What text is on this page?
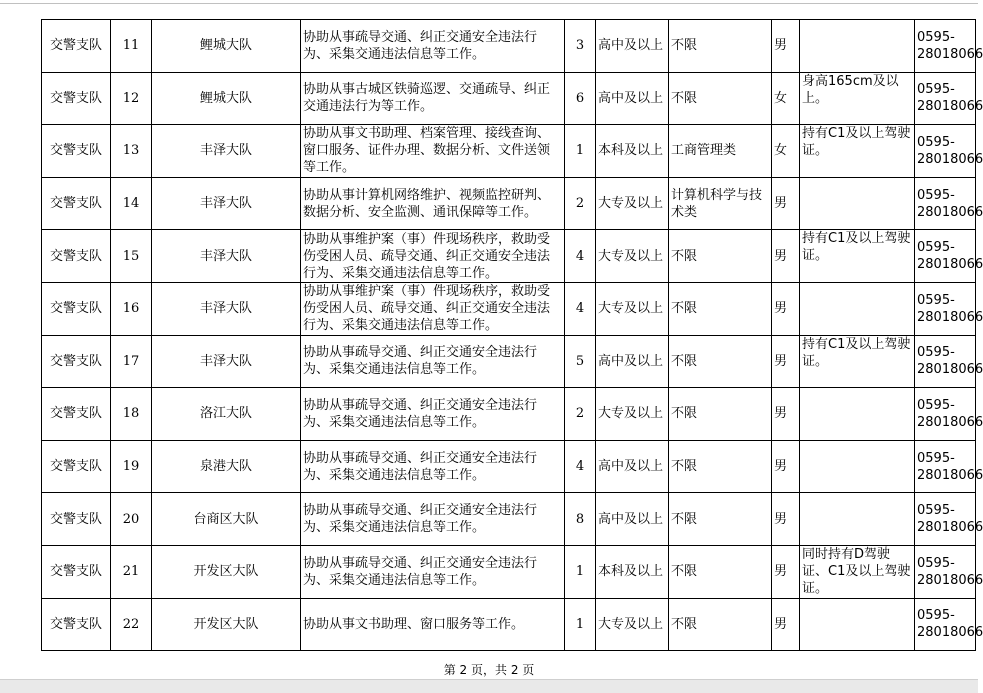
交警支队	11	鲤城大队	协助从事疏导交通、纠正交通安全违法行为、采集交通违法信息等工作。	3	高中及以上	不限	男		0595-
28018066

交警支队	12	鲤城大队	协助从事古城区铁骑巡逻、交通疏导、纠正交通违法行为等工作。	6	高中及以上	不限	女	身高165cm及以上。	0595-
28018066

交警支队	13	丰泽大队	协助从事文书助理、档案管理、接线查询、窗口服务、证件办理、数据分析、文件送领等工作。	1	本科及以上	工商管理类	女	持有C1及以上驾驶证。	0595-
28018066

交警支队	14	丰泽大队	协助从事计算机网络维护、视频监控研判、数据分析、安全监测、通讯保障等工作。	2	大专及以上	计算机科学与技术类	男		0595-
28018066

交警支队	15	丰泽大队	协助从事维护案（事）件现场秩序，救助受伤受困人员、疏导交通、纠正交通安全违法行为、采集交通违法信息等工作。	4	大专及以上	不限	男	持有C1及以上驾驶证。	0595-
28018066

交警支队	16	丰泽大队	协助从事维护案（事）件现场秩序，救助受伤受困人员、疏导交通、纠正交通安全违法行为、采集交通违法信息等工作。	4	大专及以上	不限	男		0595-
28018066

交警支队	17	丰泽大队	协助从事疏导交通、纠正交通安全违法行为、采集交通违法信息等工作。	5	高中及以上	不限	男	持有C1及以上驾驶证。	0595-
28018066

交警支队	18	洛江大队	协助从事疏导交通、纠正交通安全违法行为、采集交通违法信息等工作。	2	大专及以上	不限	男		0595-
28018066

交警支队	19	泉港大队	协助从事疏导交通、纠正交通安全违法行为、采集交通违法信息等工作。	4	高中及以上	不限	男		0595-
28018066

交警支队	20	台商区大队	协助从事疏导交通、纠正交通安全违法行为、采集交通违法信息等工作。	8	高中及以上	不限	男		0595-
28018066

交警支队	21	开发区大队	协助从事疏导交通、纠正交通安全违法行为、采集交通违法信息等工作。	1	本科及以上	不限	男	同时持有D驾驶证、C1及以上驾驶证。	0595-
28018066

交警支队	22	开发区大队	协助从事文书助理、窗口服务等工作。	1	大专及以上	不限	男		0595-
28018066
第 2 页，共 2 页
